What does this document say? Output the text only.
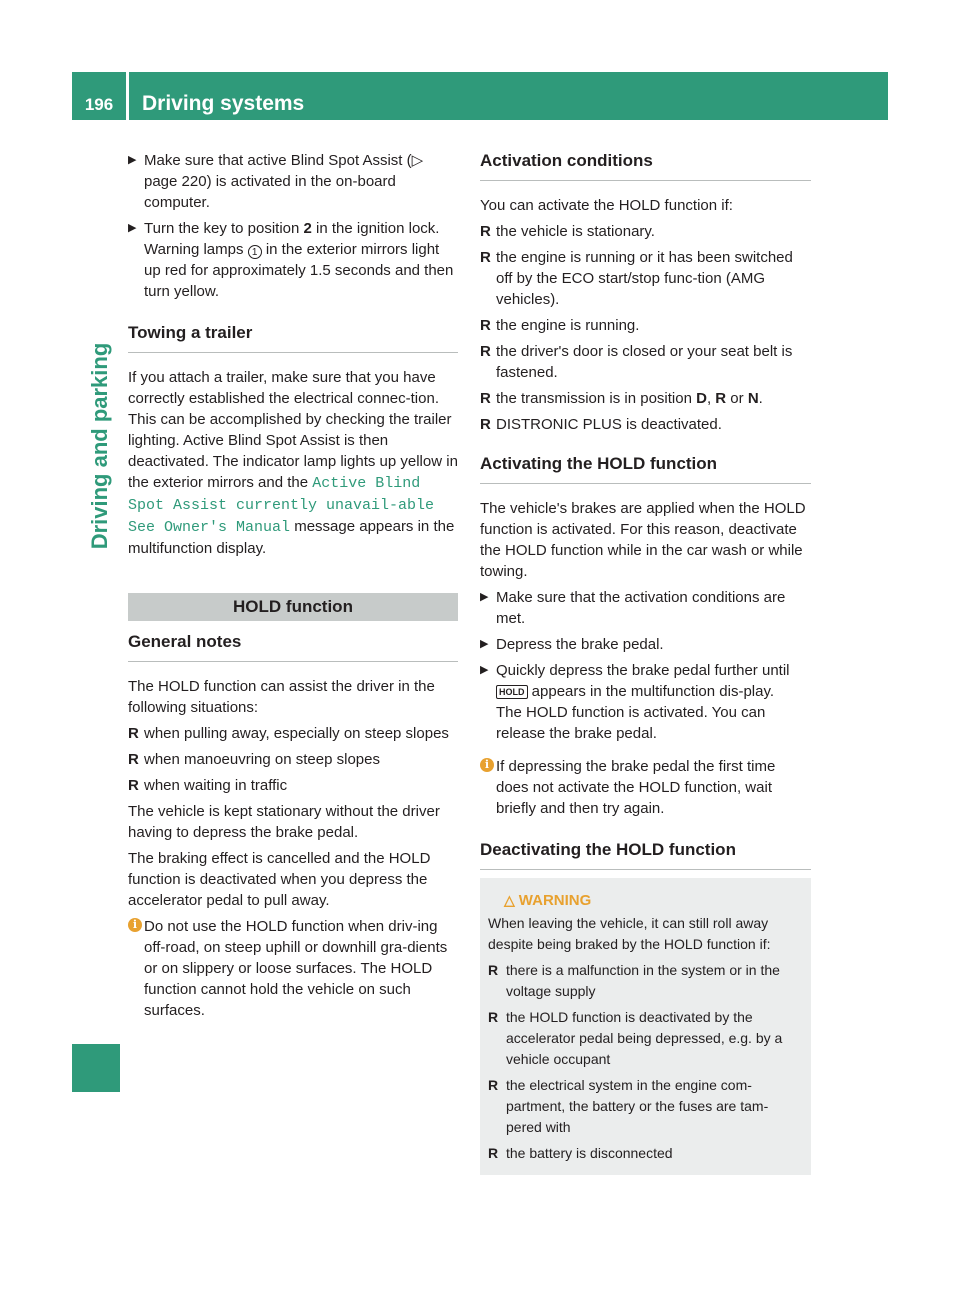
196	Driving systems
Driving and parking
▶ Make sure that active Blind Spot Assist (▷ page 220) is activated in the on-board computer.
▶ Turn the key to position 2 in the ignition lock.
Warning lamps 1 in the exterior mirrors light up red for approximately 1.5 seconds and then turn yellow.
Towing a trailer
If you attach a trailer, make sure that you have correctly established the electrical connec-tion. This can be accomplished by checking the trailer lighting. Active Blind Spot Assist is then deactivated. The indicator lamp lights up yellow in the exterior mirrors and the Active Blind Spot Assist currently unavail-able See Owner's Manual message appears in the multifunction display.
HOLD function
General notes
The HOLD function can assist the driver in the following situations:
R when pulling away, especially on steep slopes
R when manoeuvring on steep slopes
R when waiting in traffic
The vehicle is kept stationary without the driver having to depress the brake pedal.
The braking effect is cancelled and the HOLD function is deactivated when you depress the accelerator pedal to pull away.
i Do not use the HOLD function when driv-ing off-road, on steep uphill or downhill gra-dients or on slippery or loose surfaces. The HOLD function cannot hold the vehicle on such surfaces.
Activation conditions
You can activate the HOLD function if:
R the vehicle is stationary.
R the engine is running or it has been switched off by the ECO start/stop func-tion (AMG vehicles).
R the engine is running.
R the driver's door is closed or your seat belt is fastened.
R the transmission is in position D, R or N.
R DISTRONIC PLUS is deactivated.
Activating the HOLD function
The vehicle's brakes are applied when the HOLD function is activated. For this reason, deactivate the HOLD function while in the car wash or while towing.
▶ Make sure that the activation conditions are met.
▶ Depress the brake pedal.
▶ Quickly depress the brake pedal further until HOLD appears in the multifunction dis-play.
The HOLD function is activated. You can release the brake pedal.
i If depressing the brake pedal the first time does not activate the HOLD function, wait briefly and then try again.
Deactivating the HOLD function
△ WARNING
When leaving the vehicle, it can still roll away despite being braked by the HOLD function if:
R there is a malfunction in the system or in the voltage supply
R the HOLD function is deactivated by the accelerator pedal being depressed, e.g. by a vehicle occupant
R the electrical system in the engine com-partment, the battery or the fuses are tam-pered with
R the battery is disconnected
